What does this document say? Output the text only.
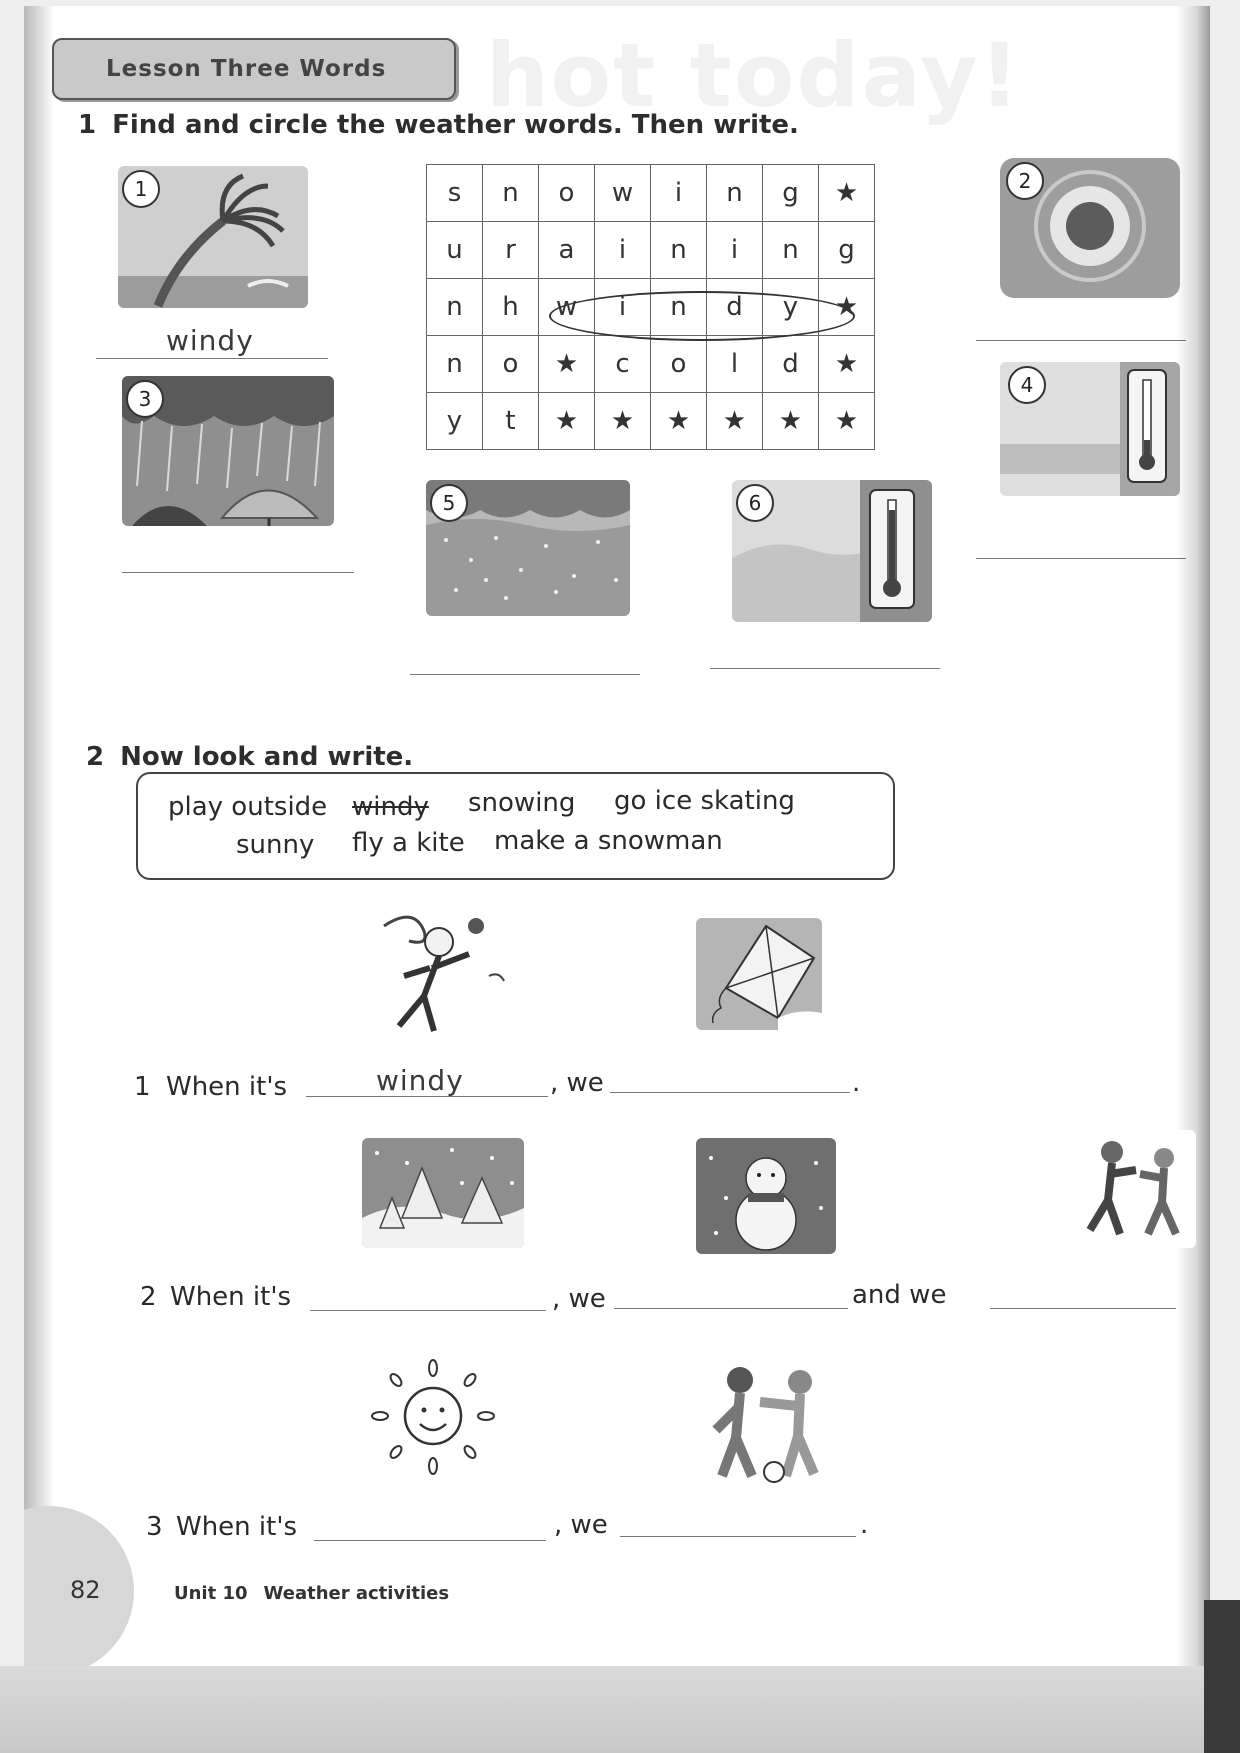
hot today!
Lesson Three Words
1 Find and circle the weather words. Then write.
1
windy
3
s	n	o	w	i	n	g	★
u	r	a	i	n	i	n	g
n	h	w	i	n	d	y	★
n	o	★	c	o	l	d	★
y	t	★	★	★	★	★	★
2
4
5	6
2 Now look and write.
play outside windy snowing go ice skating
sunny fly a kite make a snowman
1 When it's	windy	, we	.
2 When it's	, we	and we
3 When it's	, we	.
82	Unit 10 Weather activities
